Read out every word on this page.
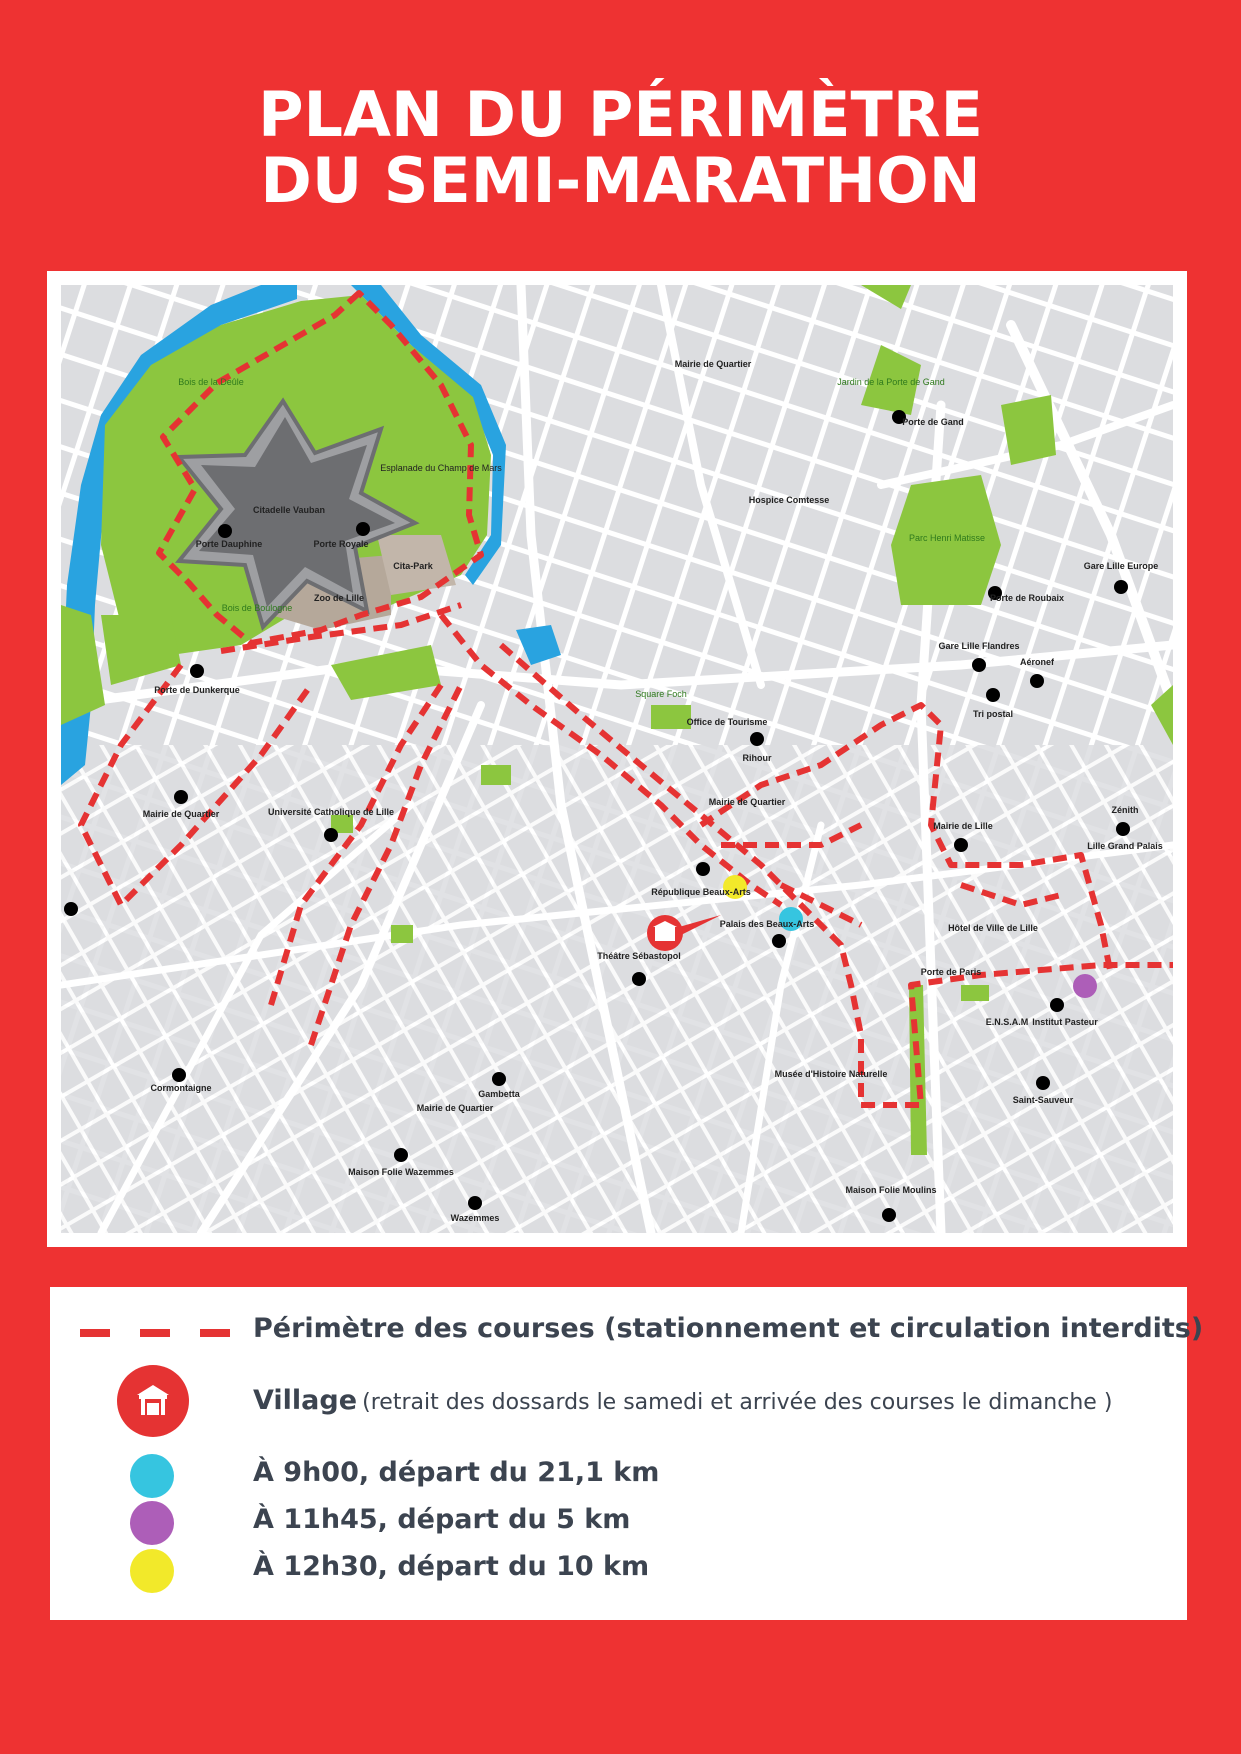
PLAN DU PÉRIMÈTRE
DU SEMI-MARATHON
Citadelle Vauban
Zoo de Lille
Cita-Park
Porte Dauphine	Porte Royale
Porte de Dunkerque
Porte de Gand
Porte de Roubaix
Porte de Paris
Gare Lille Europe
Gare Lille Flandres
République Beaux-Arts
Palais des Beaux-Arts
Théâtre Sébastopol
Université Catholique de Lille
Mairie de Quartier
Mairie de Quartier
Mairie de Quartier
Mairie de Quartier
Mairie de Lille
Hôtel de Ville de Lille
Office de Tourisme
Rihour
Hospice Comtesse
Gambetta
Cormontaigne
Wazemmes
Maison Folie Wazemmes
Maison Folie Moulins
Musée d'Histoire Naturelle
E.N.S.A.M Institut Pasteur
Lille Grand Palais
Saint-Sauveur
Aéronef
Tri postal
Zénith
Square Foch
Jardin de la Porte de Gand
Parc Henri Matisse
Esplanade du Champ de Mars
Bois de la Deûle
Bois de Boulogne
Périmètre des courses (stationnement et circulation interdits)
Village (retrait des dossards le samedi et arrivée des courses le dimanche )
À 9h00, départ du 21,1 km
À 11h45, départ du 5 km
À 12h30, départ du 10 km
